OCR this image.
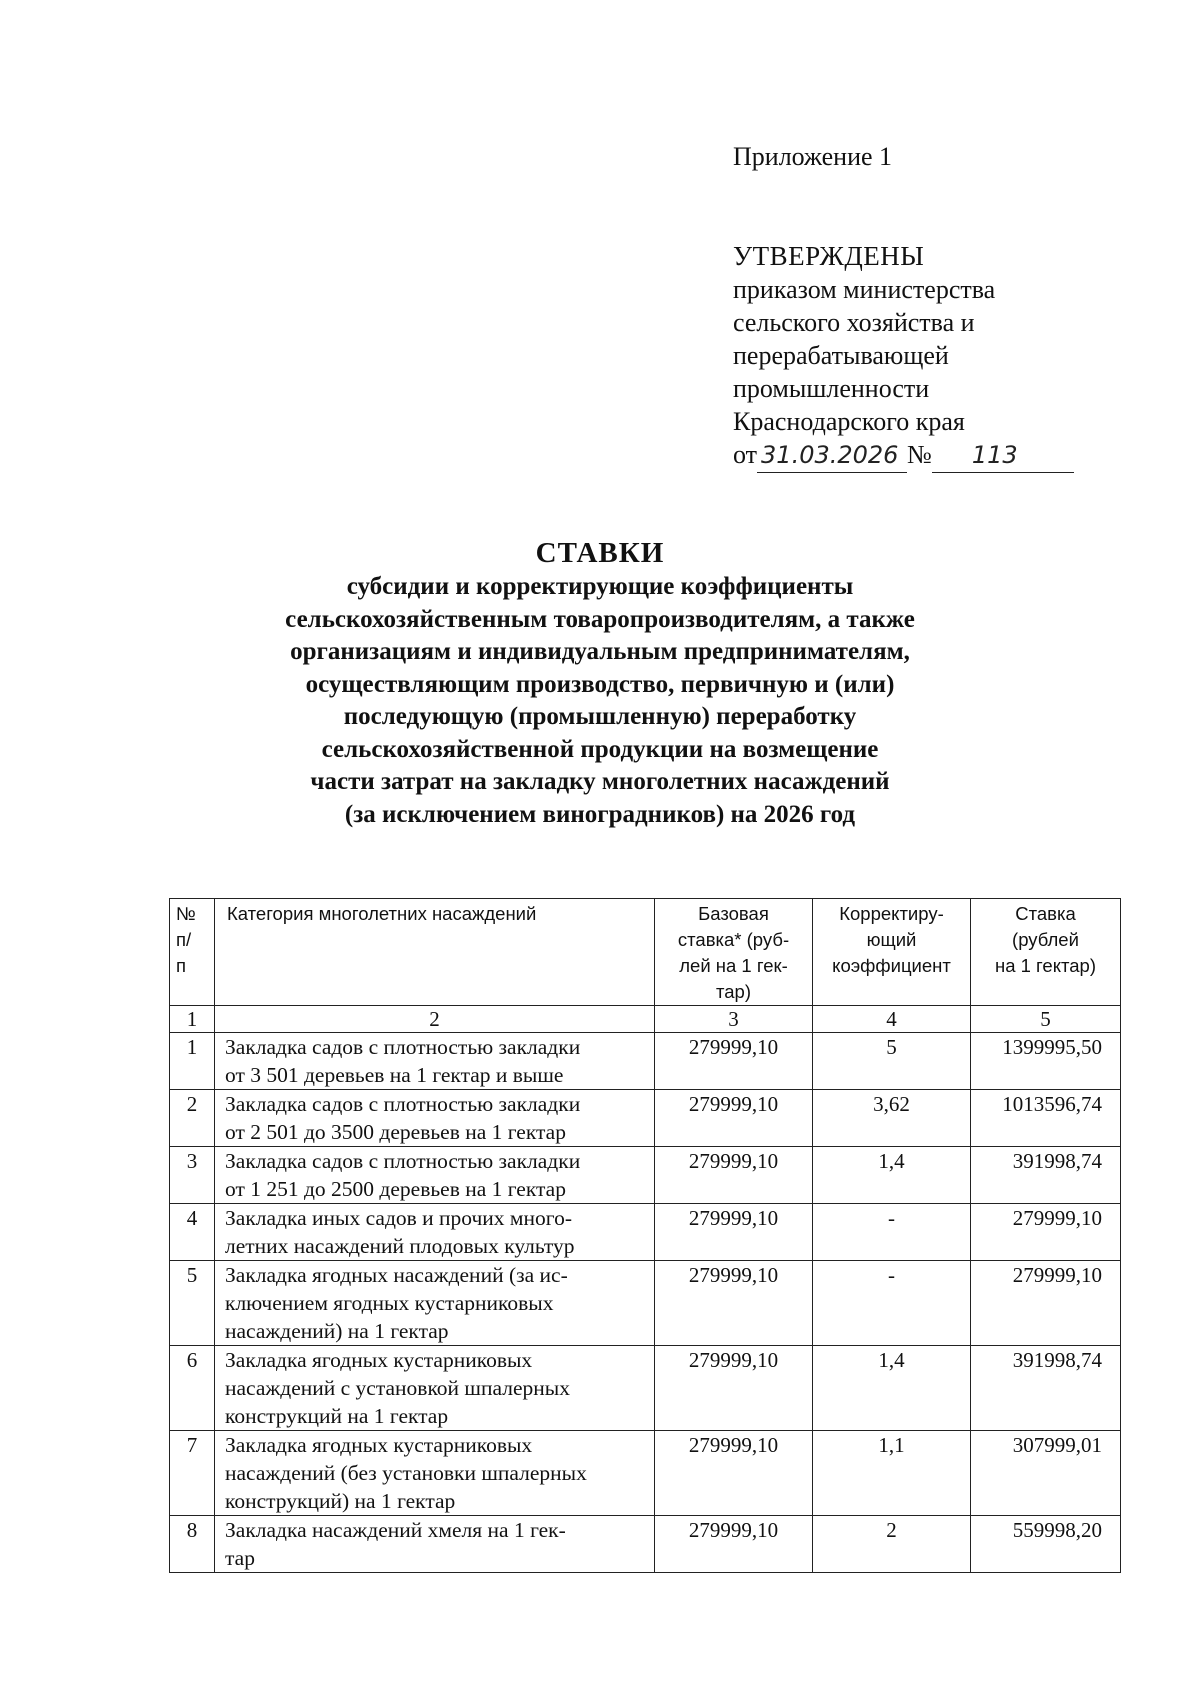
Приложение 1
УТВЕРЖДЕНЫ
приказом министерства
сельского хозяйства и
перерабатывающей
промышленности
Краснодарского края
от 31.03.2026 № 113
СТАВКИ
субсидии и корректирующие коэффициенты
сельскохозяйственным товаропроизводителям, а также
организациям и индивидуальным предпринимателям,
осуществляющим производство, первичную и (или)
последующую (промышленную) переработку
сельскохозяйственной продукции на возмещение
части затрат на закладку многолетних насаждений
(за исключением виноградников) на 2026 год
№
п/
п	Категория многолетних насаждений	Базовая
ставка* (руб-
лей на 1 гек-
тар)	Корректиру-
ющий
коэффициент	Ставка
(рублей
на 1 гектар)

1	2	3	4	5
1	Закладка садов с плотностью закладки
от 3 501 деревьев на 1 гектар и выше	279999,10	5	1399995,50
2	Закладка садов с плотностью закладки
от 2 501 до 3500 деревьев на 1 гектар	279999,10	3,62	1013596,74
3	Закладка садов с плотностью закладки
от 1 251 до 2500 деревьев на 1 гектар	279999,10	1,4	391998,74
4	Закладка иных садов и прочих много-
летних насаждений плодовых культур	279999,10	-	279999,10
5	Закладка ягодных насаждений (за ис-
ключением ягодных кустарниковых
насаждений) на 1 гектар	279999,10	-	279999,10
6	Закладка ягодных кустарниковых
насаждений с установкой шпалерных
конструкций на 1 гектар	279999,10	1,4	391998,74
7	Закладка ягодных кустарниковых
насаждений (без установки шпалерных
конструкций) на 1 гектар	279999,10	1,1	307999,01
8	Закладка насаждений хмеля на 1 гек-
тар	279999,10	2	559998,20
